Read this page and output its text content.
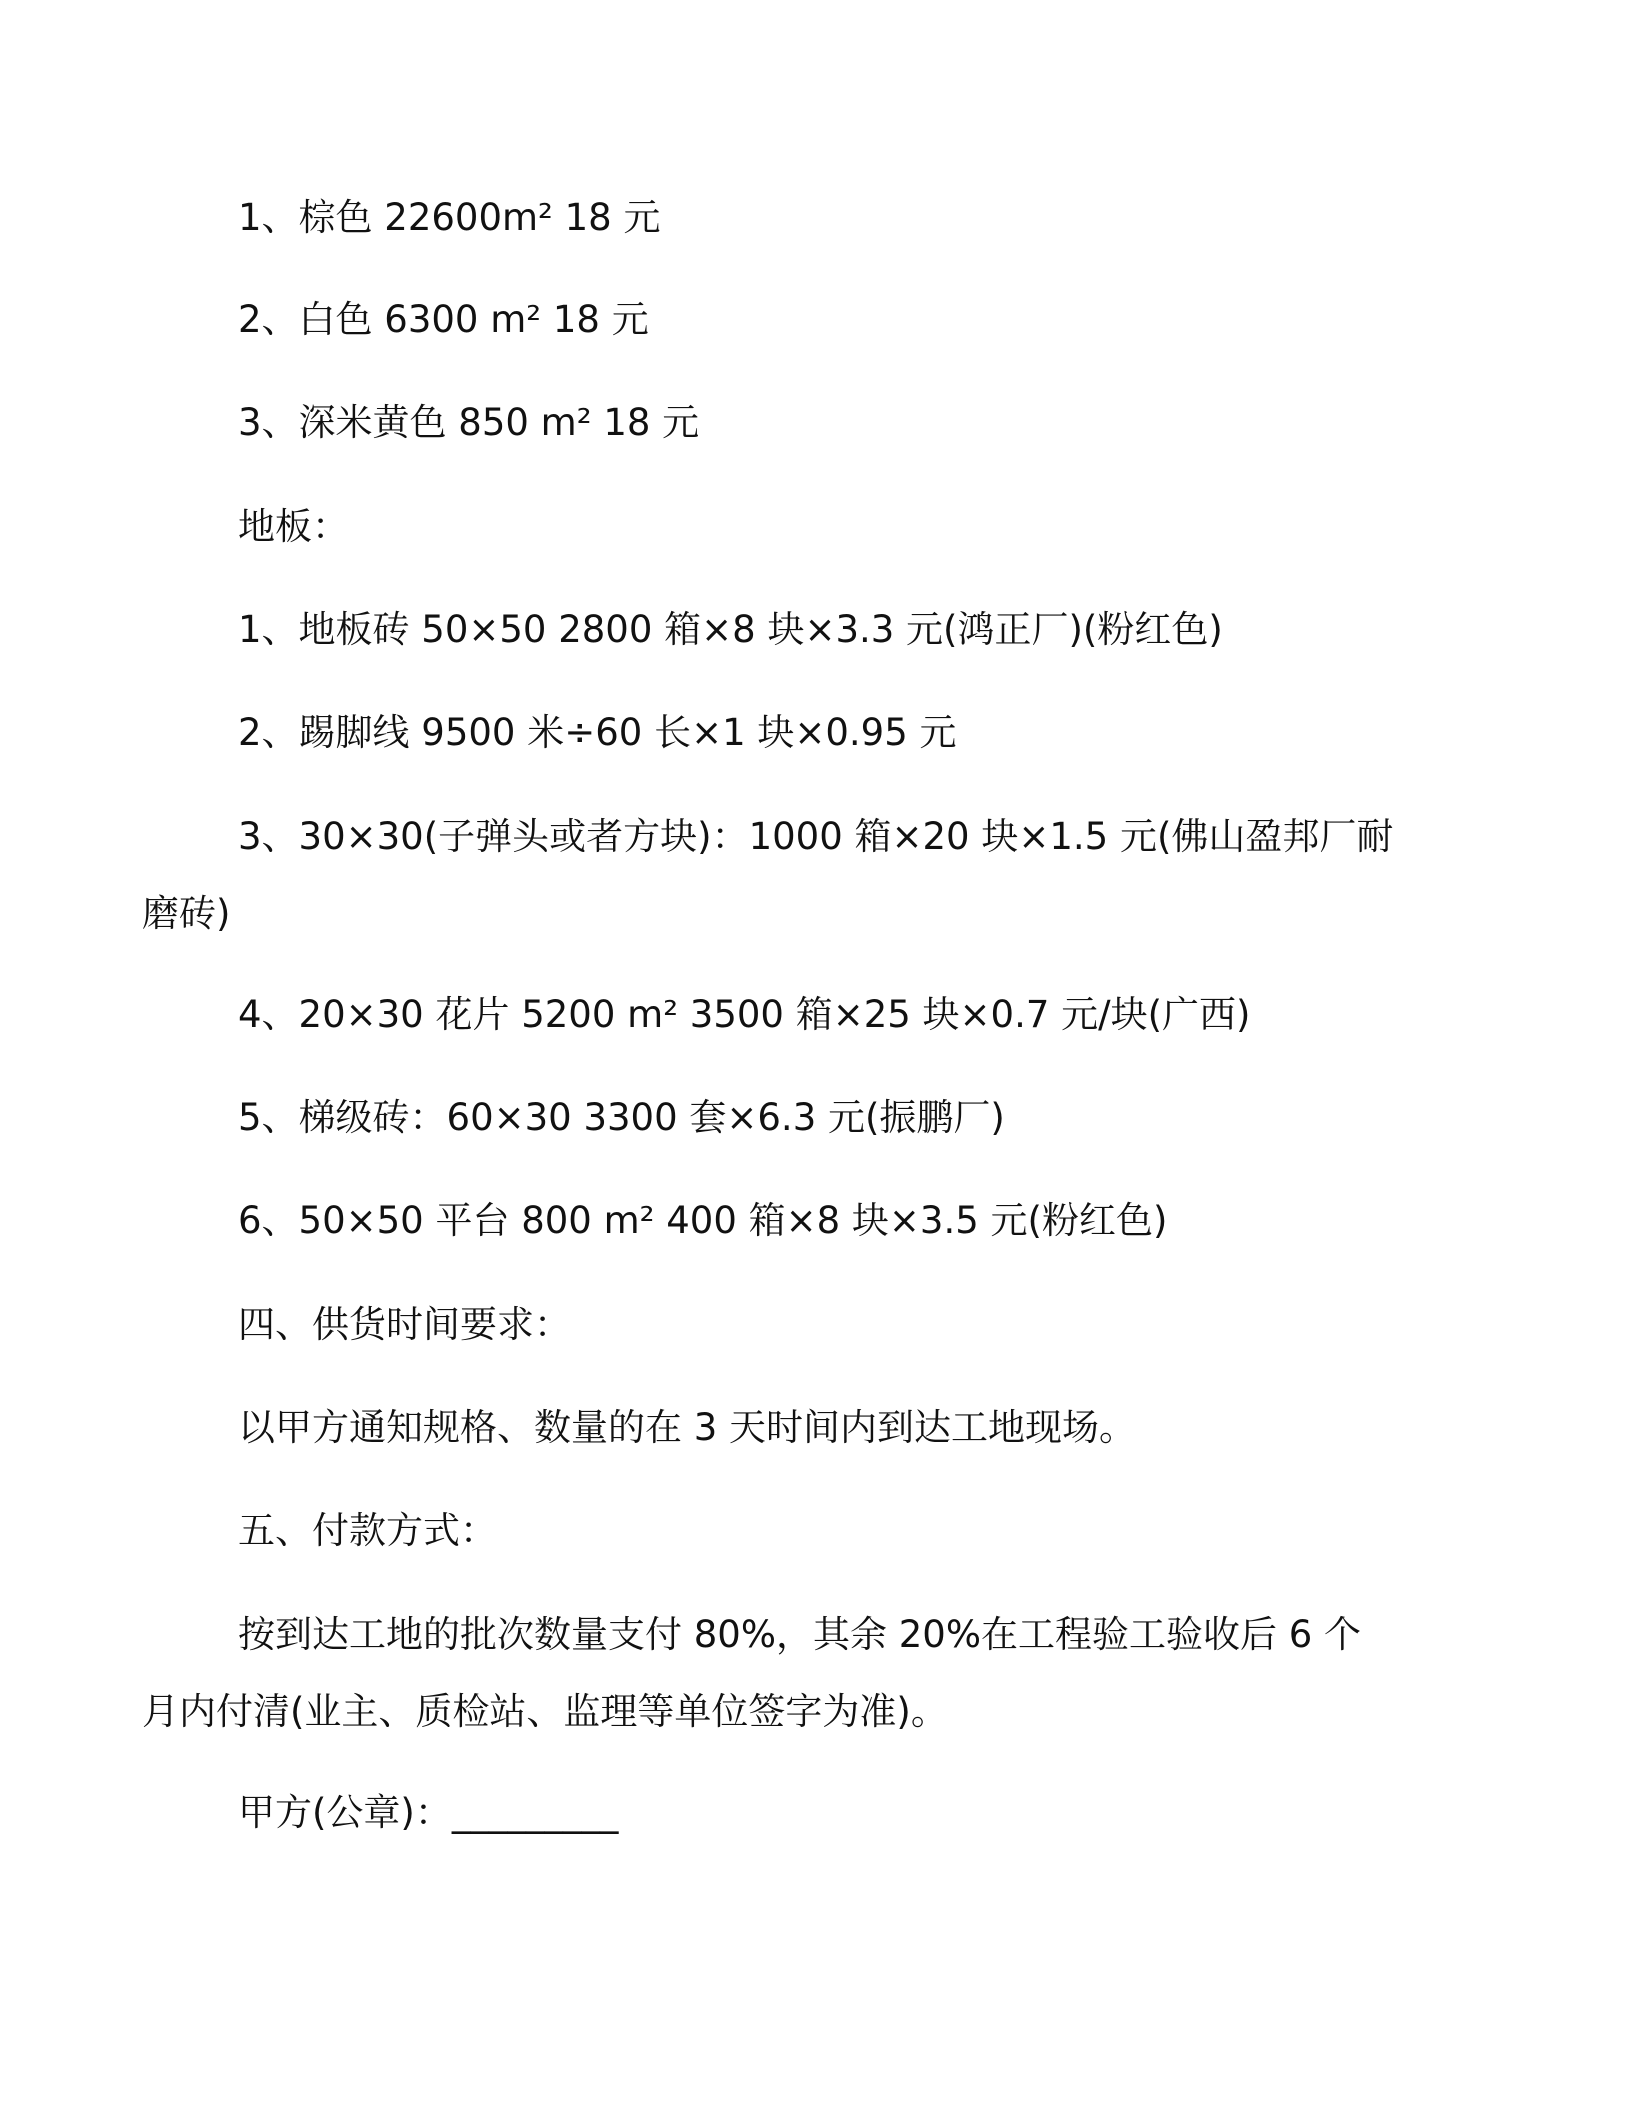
1、棕色 22600m² 18 元
2、白色 6300 m² 18 元
3、深米黄色 850 m² 18 元
地板：
1、地板砖 50×50 2800 箱×8 块×3.3 元(鸿正厂)(粉红色)
2、踢脚线 9500 米÷60 长×1 块×0.95 元
3、30×30(子弹头或者方块)：1000 箱×20 块×1.5 元(佛山盈邦厂耐磨砖)
4、20×30 花片 5200 m² 3500 箱×25 块×0.7 元/块(广西)
5、梯级砖：60×30 3300 套×6.3 元(振鹏厂)
6、50×50 平台 800 m² 400 箱×8 块×3.5 元(粉红色)
四、供货时间要求：
以甲方通知规格、数量的在 3 天时间内到达工地现场。
五、付款方式：
按到达工地的批次数量支付 80%，其余 20%在工程验工验收后 6 个月内付清(业主、质检站、监理等单位签字为准)。
甲方(公章)：_________
